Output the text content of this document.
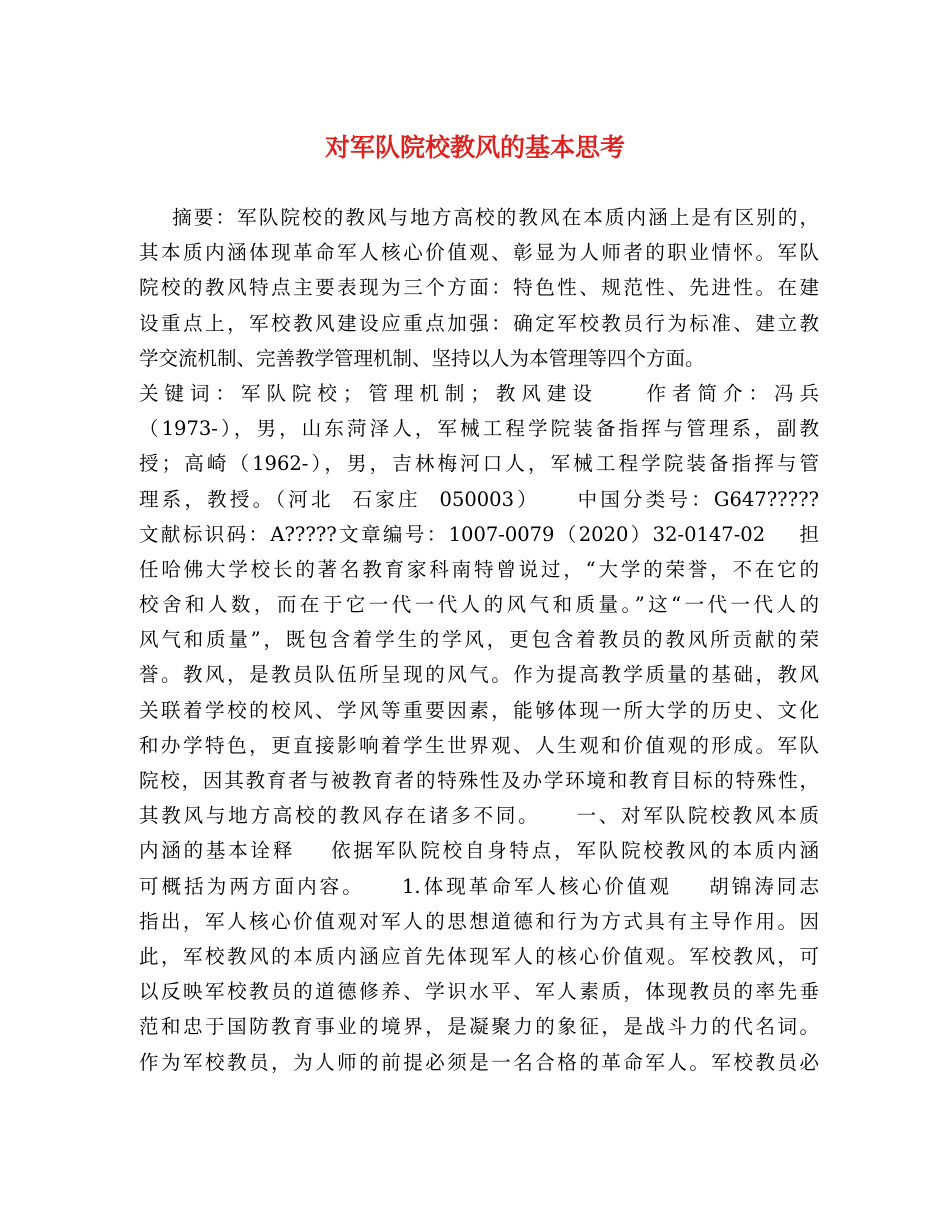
对军队院校教风的基本思考
摘要：军队院校的教风与地方高校的教风在本质内涵上是有区别的，
其本质内涵体现革命军人核心价值观、彰显为人师者的职业情怀。军队
院校的教风特点主要表现为三个方面：特色性、规范性、先进性。在建
设重点上，军校教风建设应重点加强：确定军校教员行为标准、建立教
学交流机制、完善教学管理机制、坚持以人为本管理等四个方面。
关键词：军队院校；管理机制；教风建设    作者简介：冯兵
（1973-），男，山东菏泽人，军械工程学院装备指挥与管理系，副教
授；高崎（1962-），男，吉林梅河口人，军械工程学院装备指挥与管
理系，教授。（河北  石家庄  050003）    中国分类号：G647?????
文献标识码：A?????文章编号：1007-0079（2020）32-0147-02    担
任哈佛大学校长的著名教育家科南特曾说过，“大学的荣誉，不在它的
校舍和人数，而在于它一代一代人的风气和质量。”这“一代一代人的
风气和质量”，既包含着学生的学风，更包含着教员的教风所贡献的荣
誉。教风，是教员队伍所呈现的风气。作为提高教学质量的基础，教风
关联着学校的校风、学风等重要因素，能够体现一所大学的历史、文化
和办学特色，更直接影响着学生世界观、人生观和价值观的形成。军队
院校，因其教育者与被教育者的特殊性及办学环境和教育目标的特殊性，
其教风与地方高校的教风存在诸多不同。    一、对军队院校教风本质
内涵的基本诠释    依据军队院校自身特点，军队院校教风的本质内涵
可概括为两方面内容。    1.体现革命军人核心价值观    胡锦涛同志
指出，军人核心价值观对军人的思想道德和行为方式具有主导作用。因
此，军校教风的本质内涵应首先体现军人的核心价值观。军校教风，可
以反映军校教员的道德修养、学识水平、军人素质，体现教员的率先垂
范和忠于国防教育事业的境界，是凝聚力的象征，是战斗力的代名词。
作为军校教员，为人师的前提必须是一名合格的革命军人。军校教员必
